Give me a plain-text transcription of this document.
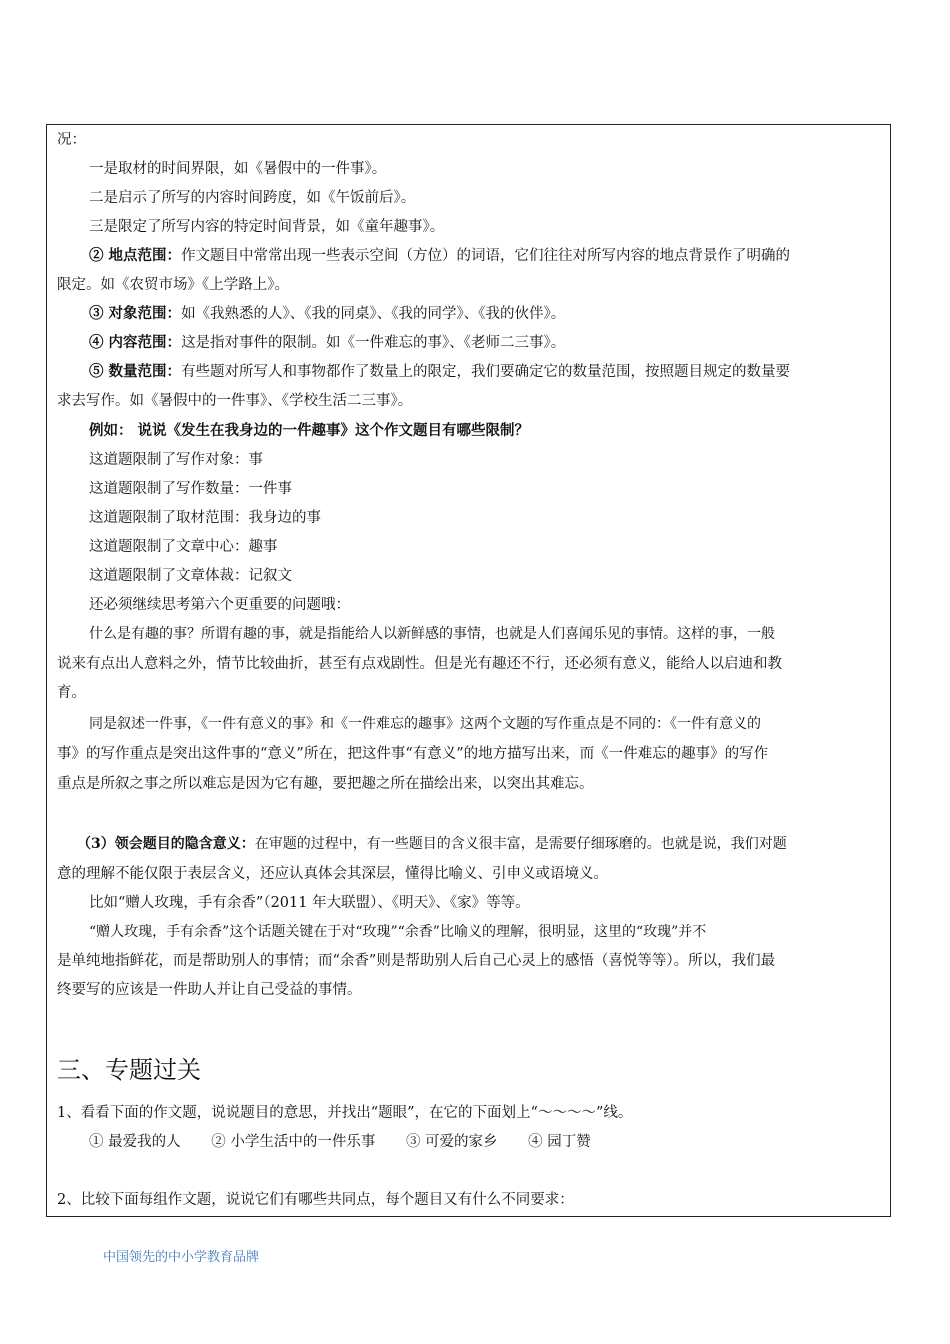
况：
一是取材的时间界限，如《暑假中的一件事》。
二是启示了所写的内容时间跨度，如《午饭前后》。
三是限定了所写内容的特定时间背景，如《童年趣事》。
② 地点范围：作文题目中常常出现一些表示空间（方位）的词语，它们往往对所写内容的地点背景作了明确的
限定。如《农贸市场》《上学路上》。
③ 对象范围：如《我熟悉的人》、《我的同桌》、《我的同学》、《我的伙伴》。
④ 内容范围：这是指对事件的限制。如《一件难忘的事》、《老师二三事》。
⑤ 数量范围：有些题对所写人和事物都作了数量上的限定，我们要确定它的数量范围，按照题目规定的数量要
求去写作。如《暑假中的一件事》、《学校生活二三事》。
例如： 说说《发生在我身边的一件趣事》这个作文题目有哪些限制？
这道题限制了写作对象：事
这道题限制了写作数量：一件事
这道题限制了取材范围：我身边的事
这道题限制了文章中心：趣事
这道题限制了文章体裁：记叙文
还必须继续思考第六个更重要的问题哦：
什么是有趣的事？所谓有趣的事，就是指能给人以新鲜感的事情，也就是人们喜闻乐见的事情。这样的事，一般
说来有点出人意料之外，情节比较曲折，甚至有点戏剧性。但是光有趣还不行，还必须有意义，能给人以启迪和教
育。
同是叙述一件事，《一件有意义的事》和《一件难忘的趣事》这两个文题的写作重点是不同的：《一件有意义的
事》的写作重点是突出这件事的“意义”所在，把这件事“有意义”的地方描写出来，而《一件难忘的趣事》的写作
重点是所叙之事之所以难忘是因为它有趣，要把趣之所在描绘出来，以突出其难忘。
（3）领会题目的隐含意义：在审题的过程中，有一些题目的含义很丰富，是需要仔细琢磨的。也就是说，我们对题
意的理解不能仅限于表层含义，还应认真体会其深层，懂得比喻义、引申义或语境义。
比如“赠人玫瑰，手有余香”（2011 年大联盟）、《明天》、《家》等等。
“赠人玫瑰，手有余香”这个话题关键在于对“玫瑰”“余香”比喻义的理解，很明显，这里的“玫瑰”并不
是单纯地指鲜花，而是帮助别人的事情；而“余香”则是帮助别人后自己心灵上的感悟（喜悦等等）。所以，我们最
终要写的应该是一件助人并让自己受益的事情。
三、专题过关
1、看看下面的作文题，说说题目的意思，并找出“题眼”，在它的下面划上“～～～～”线。
① 最爱我的人 ② 小学生活中的一件乐事 ③ 可爱的家乡 ④ 园丁赞
2、比较下面每组作文题，说说它们有哪些共同点，每个题目又有什么不同要求：
中国领先的中小学教育品牌
